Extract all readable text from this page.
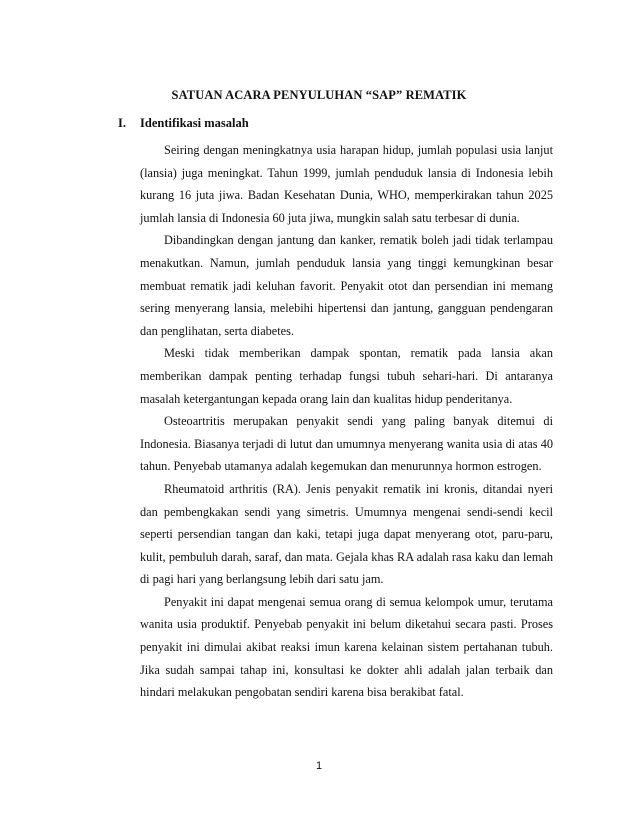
SATUAN ACARA PENYULUHAN “SAP” REMATIK
I. Identifikasi masalah

Seiring dengan meningkatnya usia harapan hidup, jumlah populasi usia lanjut (lansia) juga meningkat. Tahun 1999, jumlah penduduk lansia di Indonesia lebih kurang 16 juta jiwa. Badan Kesehatan Dunia, WHO, memperkirakan tahun 2025 jumlah lansia di Indonesia 60 juta jiwa, mungkin salah satu terbesar di dunia.

Dibandingkan dengan jantung dan kanker, rematik boleh jadi tidak terlampau menakutkan. Namun, jumlah penduduk lansia yang tinggi kemungkinan besar membuat rematik jadi keluhan favorit. Penyakit otot dan persendian ini memang sering menyerang lansia, melebihi hipertensi dan jantung, gangguan pendengaran dan penglihatan, serta diabetes.

Meski tidak memberikan dampak spontan, rematik pada lansia akan memberikan dampak penting terhadap fungsi tubuh sehari-hari. Di antaranya masalah ketergantungan kepada orang lain dan kualitas hidup penderitanya.

Osteoartritis merupakan penyakit sendi yang paling banyak ditemui di Indonesia. Biasanya terjadi di lutut dan umumnya menyerang wanita usia di atas 40 tahun. Penyebab utamanya adalah kegemukan dan menurunnya hormon estrogen.

Rheumatoid arthritis (RA). Jenis penyakit rematik ini kronis, ditandai nyeri dan pembengkakan sendi yang simetris. Umumnya mengenai sendi-sendi kecil seperti persendian tangan dan kaki, tetapi juga dapat menyerang otot, paru-paru, kulit, pembuluh darah, saraf, dan mata. Gejala khas RA adalah rasa kaku dan lemah di pagi hari yang berlangsung lebih dari satu jam.

Penyakit ini dapat mengenai semua orang di semua kelompok umur, terutama wanita usia produktif. Penyebab penyakit ini belum diketahui secara pasti. Proses penyakit ini dimulai akibat reaksi imun karena kelainan sistem pertahanan tubuh. Jika sudah sampai tahap ini, konsultasi ke dokter ahli adalah jalan terbaik dan hindari melakukan pengobatan sendiri karena bisa berakibat fatal.

1
